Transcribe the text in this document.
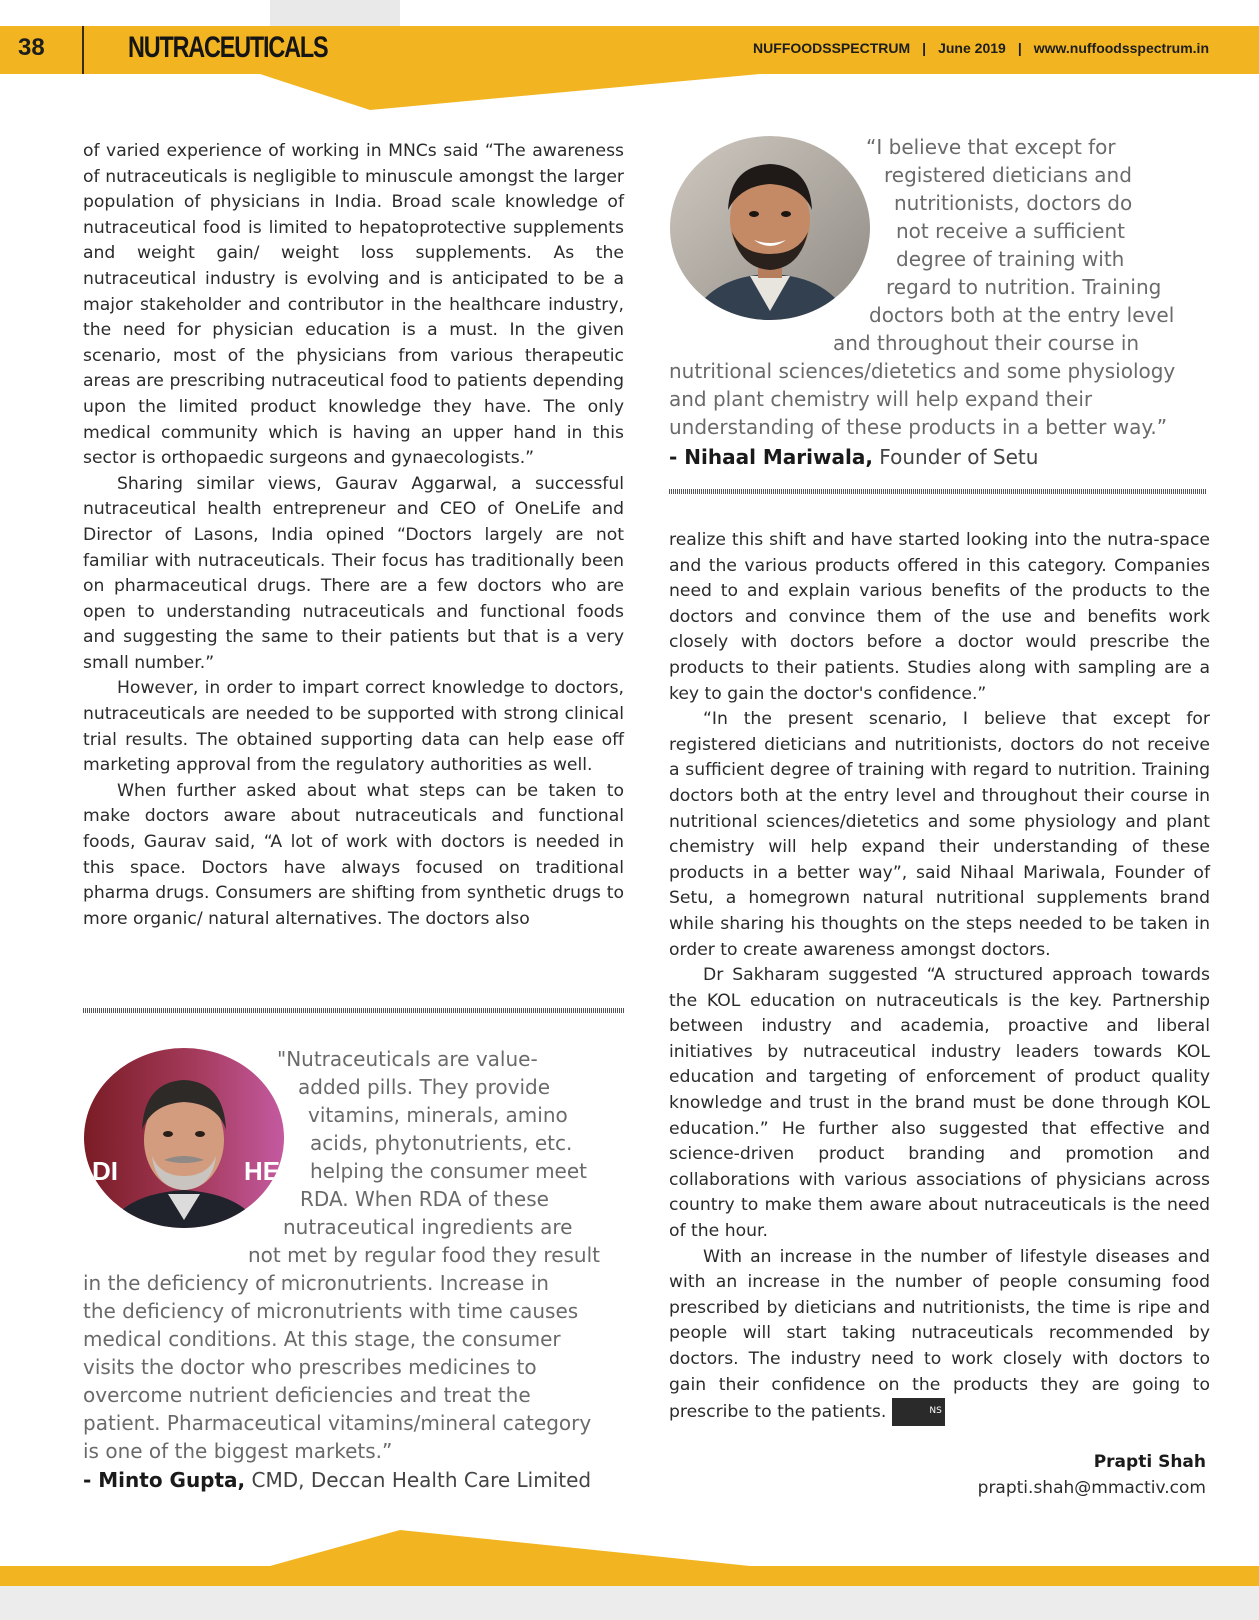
38	NUTRACEUTICALS	NUFFOODSSPECTRUM | June 2019 | www.nuffoodsspectrum.in

of varied experience of working in MNCs said “The awareness of nutraceuticals is negligible to minuscule amongst the larger population of physicians in India. Broad scale knowledge of nutraceutical food is limited to hepatoprotective supplements and weight gain/ weight loss supplements. As the nutraceutical industry is evolving and is anticipated to be a major stakeholder and contributor in the healthcare industry, the need for physician education is a must. In the given scenario, most of the physicians from various therapeutic areas are prescribing nutraceutical food to patients depending upon the limited product knowledge they have. The only medical community which is having an upper hand in this sector is orthopaedic surgeons and gynaecologists.”

Sharing similar views, Gaurav Aggarwal, a successful nutraceutical health entrepreneur and CEO of OneLife and Director of Lasons, India opined “Doctors largely are not familiar with nutraceuticals. Their focus has traditionally been on pharmaceutical drugs. There are a few doctors who are open to understanding nutraceuticals and functional foods and suggesting the same to their patients but that is a very small number.”

However, in order to impart correct knowledge to doctors, nutraceuticals are needed to be supported with strong clinical trial results. The obtained supporting data can help ease off marketing approval from the regulatory authorities as well.

When further asked about what steps can be taken to make doctors aware about nutraceuticals and functional foods, Gaurav said, “A lot of work with doctors is needed in this space. Doctors have always focused on traditional pharma drugs. Consumers are shifting from synthetic drugs to more organic/ natural alternatives. The doctors also

“I believe that except for
registered dieticians and
nutritionists, doctors do
not receive a sufficient
degree of training with
regard to nutrition. Training
doctors both at the entry level
and throughout their course in
nutritional sciences/dietetics and some physiology
and plant chemistry will help expand their
understanding of these products in a better way.”
- Nihaal Mariwala, Founder of Setu

realize this shift and have started looking into the nutra-space and the various products offered in this category. Companies need to and explain various benefits of the products to the doctors and convince them of the use and benefits work closely with doctors before a doctor would prescribe the products to their patients. Studies along with sampling are a key to gain the doctor's confidence.”

“In the present scenario, I believe that except for registered dieticians and nutritionists, doctors do not receive a sufficient degree of training with regard to nutrition. Training doctors both at the entry level and throughout their course in nutritional sciences/dietetics and some physiology and plant chemistry will help expand their understanding of these products in a better way”, said Nihaal Mariwala, Founder of Setu, a homegrown natural nutritional supplements brand while sharing his thoughts on the steps needed to be taken in order to create awareness amongst doctors.

Dr Sakharam suggested “A structured approach towards the KOL education on nutraceuticals is the key. Partnership between industry and academia, proactive and liberal initiatives by nutraceutical industry leaders towards KOL education and targeting of enforcement of product quality knowledge and trust in the brand must be done through KOL education.” He further also suggested that effective and science-driven product branding and promotion and collaborations with various associations of physicians across country to make them aware about nutraceuticals is the need of the hour.

With an increase in the number of lifestyle diseases and with an increase in the number of people consuming food prescribed by dieticians and nutritionists, the time is ripe and people will start taking nutraceuticals recommended by doctors. The industry need to work closely with doctors to gain their confidence on the products they are going to prescribe to the patients.	NS

Prapti Shah
prapti.shah@mmactiv.com
DI	HE
"Nutraceuticals are value-
added pills. They provide
vitamins, minerals, amino
acids, phytonutrients, etc.
helping the consumer meet
RDA. When RDA of these
nutraceutical ingredients are
not met by regular food they result
in the deficiency of micronutrients. Increase in
the deficiency of micronutrients with time causes
medical conditions. At this stage, the consumer
visits the doctor who prescribes medicines to
overcome nutrient deficiencies and treat the
patient. Pharmaceutical vitamins/mineral category
is one of the biggest markets.”
- Minto Gupta, CMD, Deccan Health Care Limited
